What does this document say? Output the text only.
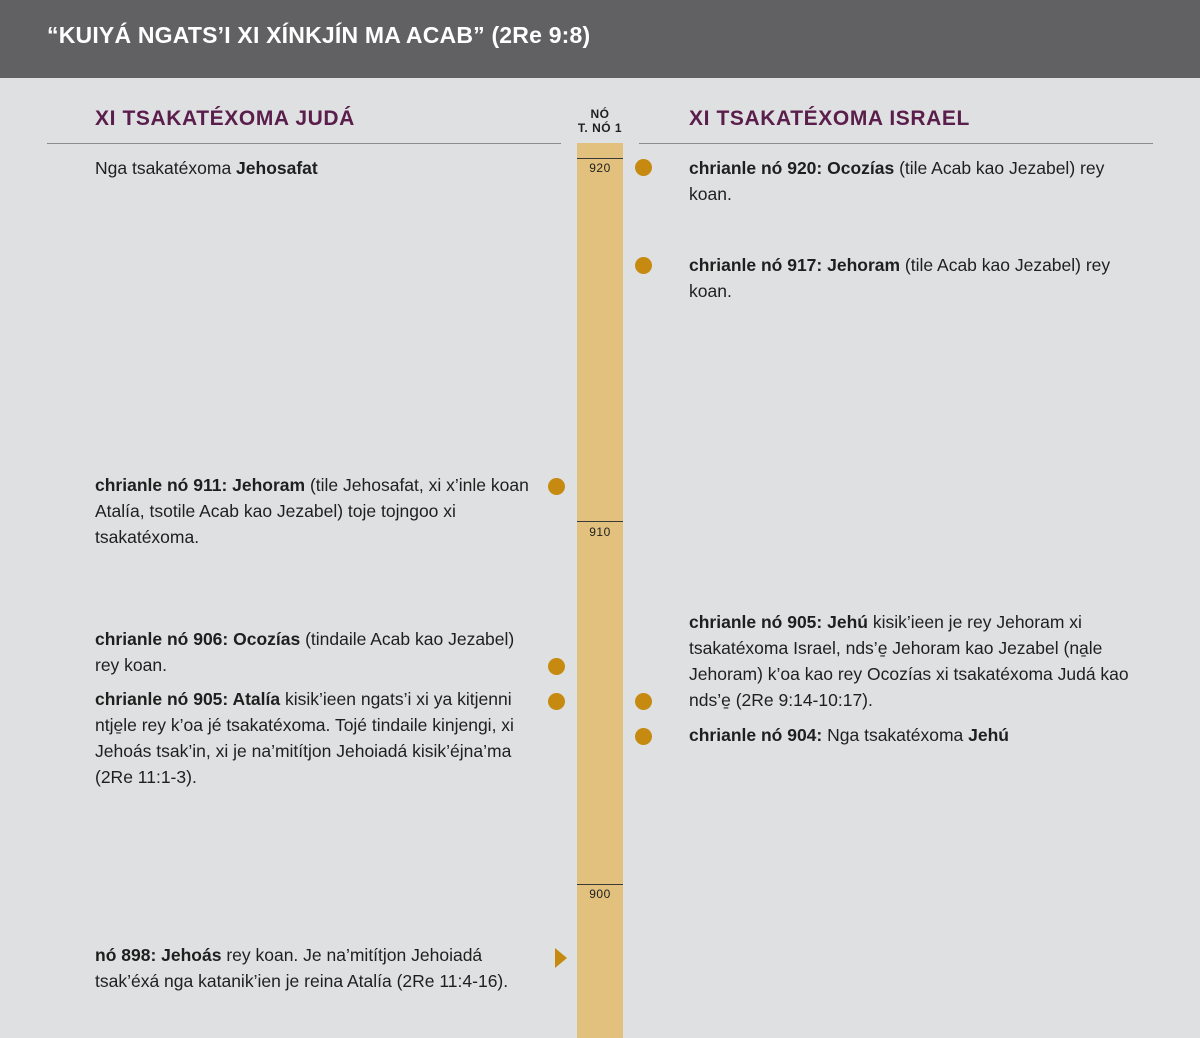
“KUIYÁ NGATS’I XI XÍNKJÍN MA ACAB” (2Re 9:8)
XI TSAKATÉXOMA JUDÁ	XI TSAKATÉXOMA ISRAEL
NÓ
T. NÓ 1
920
910
900
Nga tsakatéxoma Jehosafat
chrianle nó 911: Jehoram (tile Jehosafat, xi x’inle koan Atalía, tsotile Acab kao Jezabel) toje tojngoo xi tsakatéxoma.
chrianle nó 906: Ocozías (tindaile Acab kao Jezabel) rey koan.
chrianle nó 905: Atalía kisik’ieen ngats’i xi ya kitjenni ntje̱le rey k’oa jé tsakatéxoma. Tojé tindaile kinjengi, xi Jehoás tsak’in, xi je na’mitítjon Jehoiadá kisik’éjna’ma (2Re 11:1-3).
nó 898: Jehoás rey koan. Je na’mitítjon Jehoiadá tsak’éxá nga katanik’ien je reina Atalía (2Re 11:4-16).
chrianle nó 920: Ocozías (tile Acab kao Jezabel) rey koan.
chrianle nó 917: Jehoram (tile Acab kao Jezabel) rey koan.
chrianle nó 905: Jehú kisik’ieen je rey Jehoram xi tsakatéxoma Israel, nds’e̱ Jehoram kao Jezabel (na̱le Jehoram) k’oa kao rey Ocozías xi tsakatéxoma Judá kao nds’e̱ (2Re 9:14-10:17).
chrianle nó 904: Nga tsakatéxoma Jehú
